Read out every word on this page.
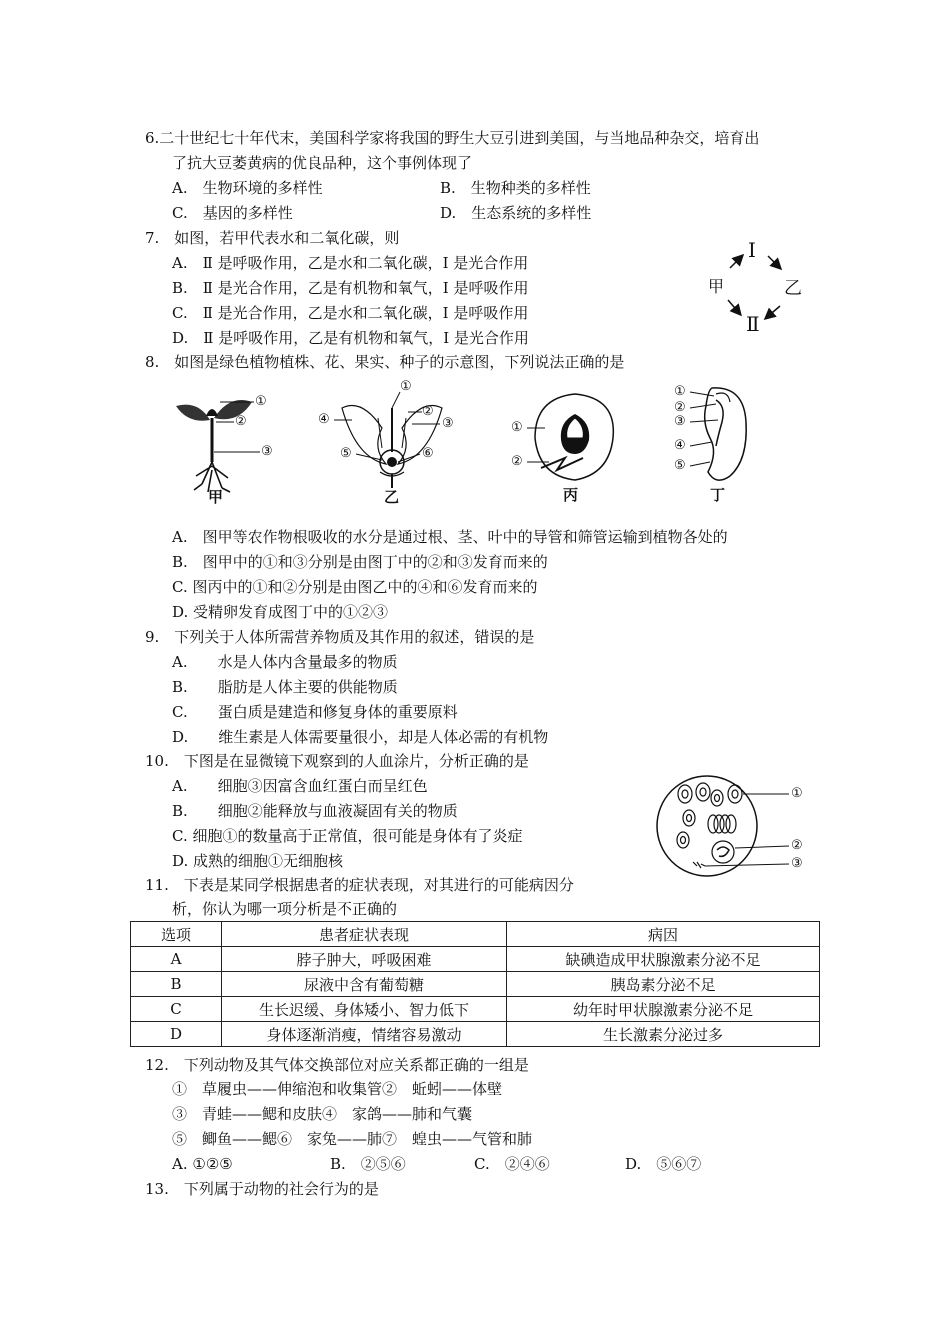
6.二十世纪七十年代末，美国科学家将我国的野生大豆引进到美国，与当地品种杂交，培育出
了抗大豆萎黄病的优良品种，这个事例体现了
A.　生物环境的多样性	B.　生物种类的多样性
C.　基因的多样性	D.　生态系统的多样性
7.　如图，若甲代表水和二氧化碳，则
A.　Ⅱ 是呼吸作用，乙是水和二氧化碳，Ⅰ 是光合作用
B.　Ⅱ 是光合作用，乙是有机物和氧气，Ⅰ 是呼吸作用
C.　Ⅱ 是光合作用，乙是水和二氧化碳，Ⅰ 是呼吸作用
D.　Ⅱ 是呼吸作用，乙是有机物和氧气，Ⅰ 是光合作用
Ⅰ
甲	乙
Ⅱ
8.　如图是绿色植物植株、花、果实、种子的示意图，下列说法正确的是
①
②
③
甲
①
②
③
④
⑤	⑥
乙
①
②
丙
①
②
③
④
⑤
丁
A.　图甲等农作物根吸收的水分是通过根、茎、叶中的导管和筛管运输到植物各处的
B.　图甲中的①和③分别是由图丁中的②和③发育而来的
C. 图丙中的①和②分别是由图乙中的④和⑥发育而来的
D. 受精卵发育成图丁中的①②③
9.　下列关于人体所需营养物质及其作用的叙述，错误的是
A.　　水是人体内含量最多的物质
B.　　脂肪是人体主要的供能物质
C.　　蛋白质是建造和修复身体的重要原料
D.　　维生素是人体需要量很小，却是人体必需的有机物
10.　下图是在显微镜下观察到的人血涂片，分析正确的是
A.　　细胞③因富含血红蛋白而呈红色
B.　　细胞②能释放与血液凝固有关的物质
C. 细胞①的数量高于正常值，很可能是身体有了炎症
D. 成熟的细胞①无细胞核
①
②
③
11.　下表是某同学根据患者的症状表现，对其进行的可能病因分
析，你认为哪一项分析是不正确的
选项	患者症状表现	病因
A	脖子肿大，呼吸困难	缺碘造成甲状腺激素分泌不足
B	尿液中含有葡萄糖	胰岛素分泌不足
C	生长迟缓、身体矮小、智力低下	幼年时甲状腺激素分泌不足
D	身体逐渐消瘦，情绪容易激动	生长激素分泌过多
12.　下列动物及其气体交换部位对应关系都正确的一组是
①　草履虫——伸缩泡和收集管②　蚯蚓——体壁
③　青蛙——鳃和皮肤④　家鸽——肺和气囊
⑤　鲫鱼——鳃⑥　家兔——肺⑦　蝗虫——气管和肺
A. ①②⑤	B.　②⑤⑥	C.　②④⑥	D.　⑤⑥⑦
13.　下列属于动物的社会行为的是
